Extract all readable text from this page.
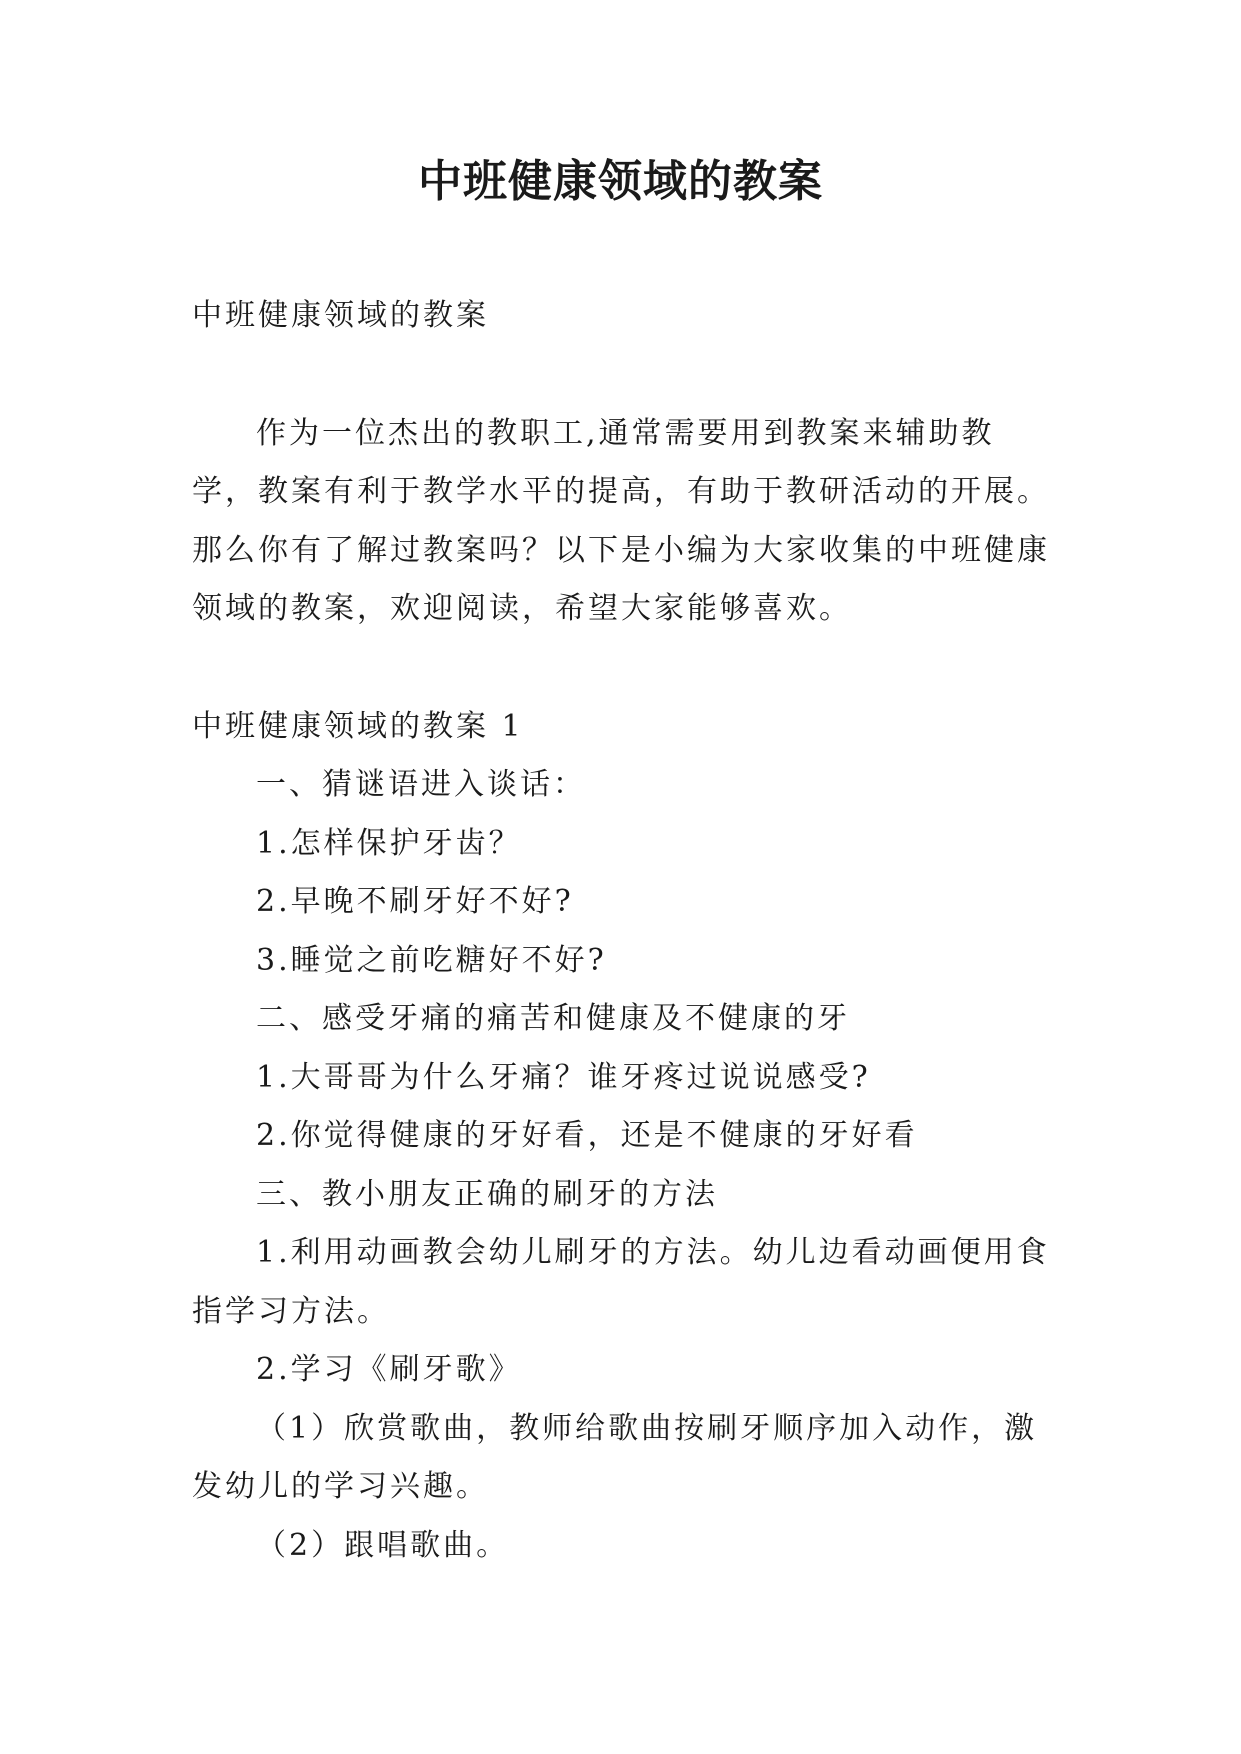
中班健康领域的教案

中班健康领域的教案

作为一位杰出的教职工,通常需要用到教案来辅助教学，教案有利于教学水平的提高，有助于教研活动的开展。那么你有了解过教案吗？以下是小编为大家收集的中班健康领域的教案，欢迎阅读，希望大家能够喜欢。

中班健康领域的教案 1

一、猜谜语进入谈话：

1.怎样保护牙齿？

2.早晚不刷牙好不好?

3.睡觉之前吃糖好不好?

二、感受牙痛的痛苦和健康及不健康的牙

1.大哥哥为什么牙痛？谁牙疼过说说感受?

2.你觉得健康的牙好看，还是不健康的牙好看

三、教小朋友正确的刷牙的方法

1.利用动画教会幼儿刷牙的方法。幼儿边看动画便用食指学习方法。

2.学习《刷牙歌》

（1）欣赏歌曲，教师给歌曲按刷牙顺序加入动作，激发幼儿的学习兴趣。

（2）跟唱歌曲。
